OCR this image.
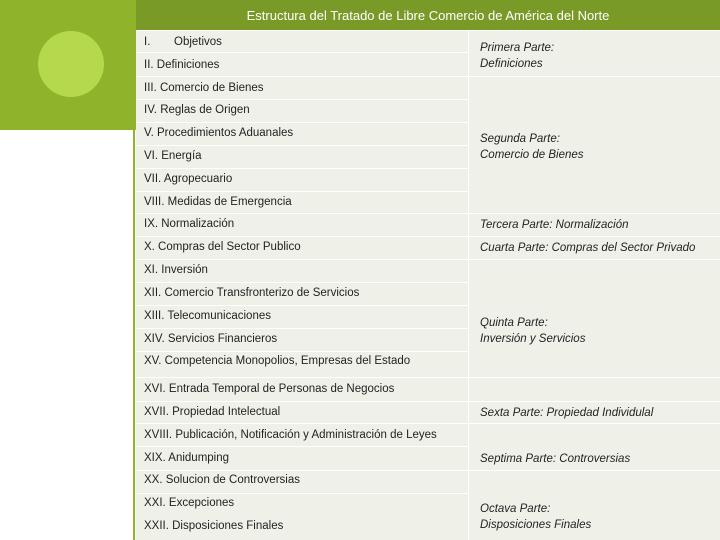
Estructura del Tratado de Libre Comercio de América del Norte
I. Objetivos
II. Definiciones
III. Comercio de Bienes
IV. Reglas de Origen
V. Procedimientos Aduanales
VI. Energía
VII. Agropecuario
VIII. Medidas de Emergencia
IX. Normalización
X. Compras del Sector Publico
XI. Inversión
XII. Comercio Transfronterizo de Servicios
XIII. Telecomunicaciones
XIV. Servicios Financieros
XV. Competencia Monopolios, Empresas del Estado
XVI. Entrada Temporal de Personas de Negocios
XVII. Propiedad Intelectual
XVIII. Publicación, Notificación y Administración de Leyes
XIX. Anidumping
XX. Solucion de Controversias
XXI. Excepciones
XXII. Disposiciones Finales
Primera Parte:
Definiciones
Segunda Parte:
Comercio de Bienes
Tercera Parte: Normalización
Cuarta Parte: Compras del Sector Privado
Quinta Parte:
Inversión y Servicios
Sexta Parte: Propiedad Individulal
Septima Parte: Controversias
Octava Parte:
Disposiciones Finales
